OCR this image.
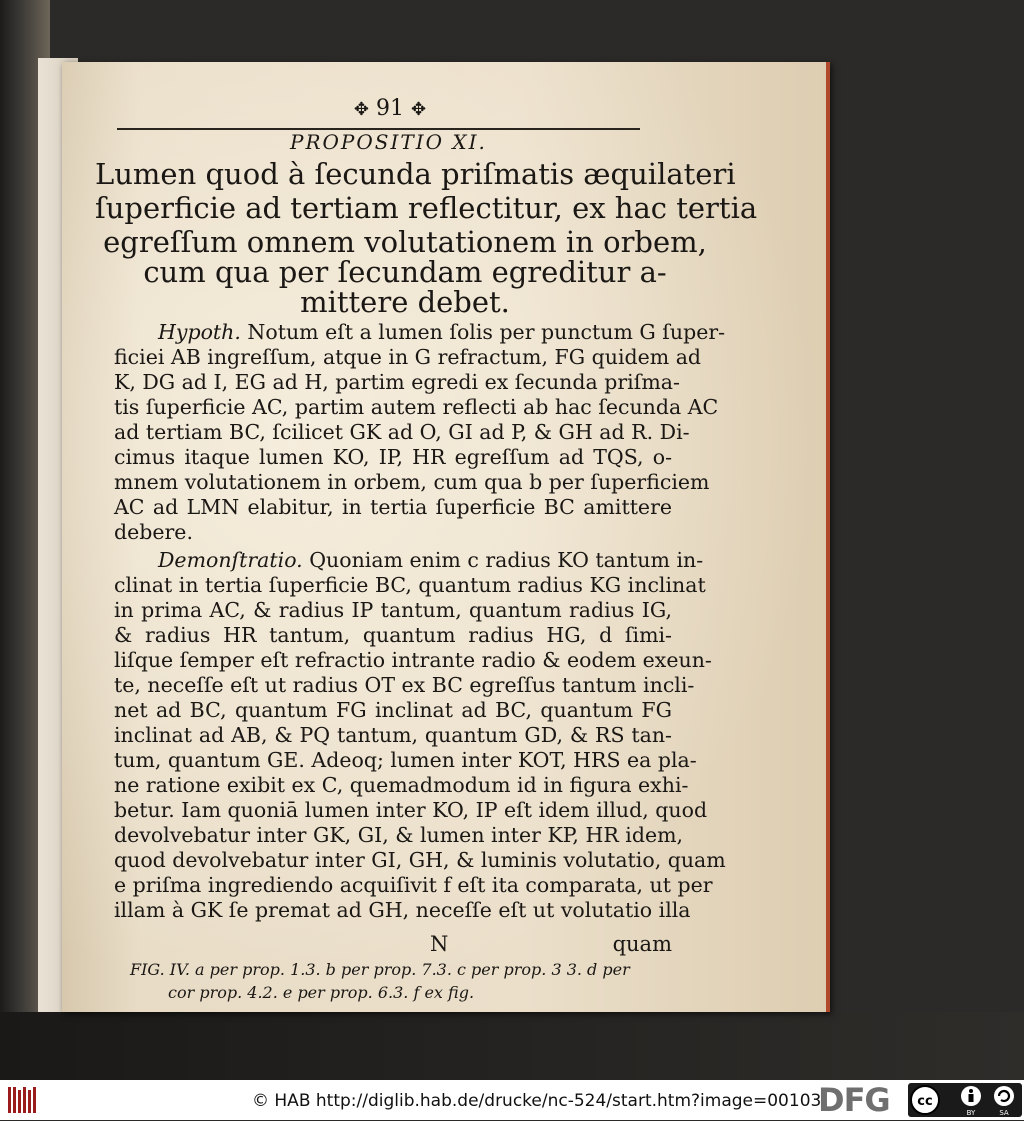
✥ 91 ✥
PROPOSITIO XI.
Lumen quod à ſecunda priſmatis æquilateri
ſuperficie ad tertiam reflectitur, ex hac tertia
egreſſum omnem volutationem in orbem,
cum qua per ſecundam egreditur a-
mittere debet.
Hypoth. Notum eſt a lumen ſolis per punctum G ſuper-
ficiei AB ingreſſum, atque in G refractum, FG quidem ad
K, DG ad I, EG ad H, partim egredi ex ſecunda priſma-
tis ſuperficie AC, partim autem reflecti ab hac ſecunda AC
ad tertiam BC, ſcilicet GK ad O, GI ad P, & GH ad R. Di-
cimus itaque lumen KO, IP, HR egreſſum ad TQS, o-
mnem volutationem in orbem, cum qua b per ſuperficiem
AC ad LMN elabitur, in tertia ſuperficie BC amittere
debere.
Demonſtratio. Quoniam enim c radius KO tantum in-
clinat in tertia ſuperficie BC, quantum radius KG inclinat
in prima AC, & radius IP tantum, quantum radius IG,
& radius HR tantum, quantum radius HG, d ſimi-
liſque ſemper eſt refractio intrante radio & eodem exeun-
te, neceſſe eſt ut radius OT ex BC egreſſus tantum incli-
net ad BC, quantum FG inclinat ad BC, quantum FG
inclinat ad AB, & PQ tantum, quantum GD, & RS tan-
tum, quantum GE. Adeoq; lumen inter KOT, HRS ea pla-
ne ratione exibit ex C, quemadmodum id in figura exhi-
betur. Iam quoniā lumen inter KO, IP eſt idem illud, quod
devolvebatur inter GK, GI, & lumen inter KP, HR idem,
quod devolvebatur inter GI, GH, & luminis volutatio, quam
e priſma ingrediendo acquiſivit f eſt ita comparata, ut per
illam à GK ſe premat ad GH, neceſſe eſt ut volutatio illa
N	quam
FIG. IV. a per prop. 1.3. b per prop. 7.3. c per prop. 3 3. d per
cor prop. 4.2. e per prop. 6.3. f ex fig.
© HAB http://diglib.hab.de/drucke/nc-524/start.htm?image=00103
DFG cc
BY	SA
